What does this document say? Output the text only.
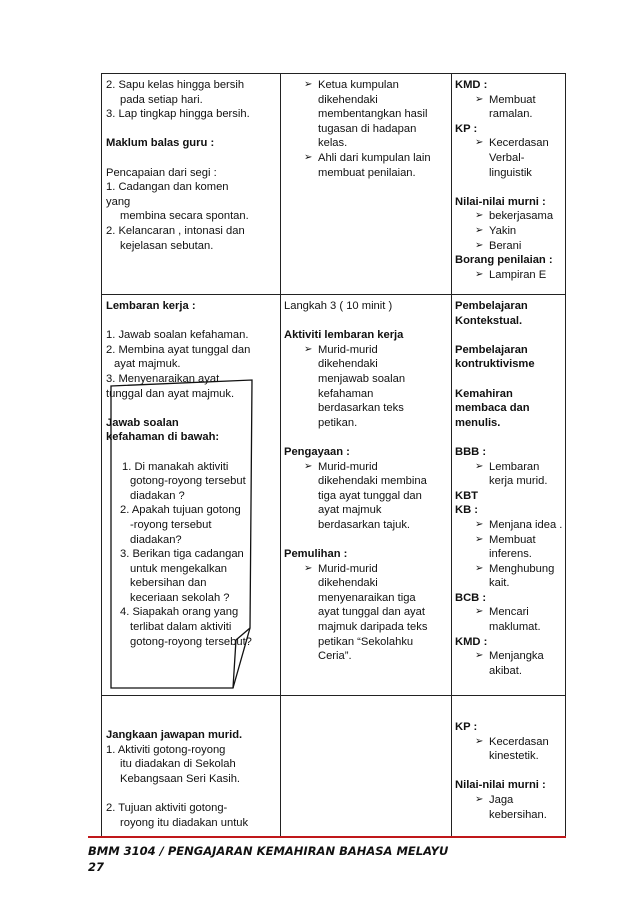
2. Sapu kelas hingga bersih

pada setiap hari.

3. Lap tingkap hingga bersih.

Maklum balas guru :

Pencapaian dari segi :

1. Cadangan dan komen

yang

membina secara spontan.

2. Kelancaran , intonasi dan

kejelasan sebutan.

➢ Ketua kumpulan

dikehendaki

membentangkan hasil

tugasan di hadapan

kelas.

➢ Ahli dari kumpulan lain

membuat penilaian.

KMD :

➢ Membuat

ramalan.

KP :

➢ Kecerdasan

Verbal-

linguistik

Nilai-nilai murni :

➢ bekerjasama

➢ Yakin

➢ Berani

Borang penilaian :

➢ Lampiran E

Lembaran kerja :

1. Jawab soalan kefahaman.

2. Membina ayat tunggal dan

ayat majmuk.

3. Menyenaraikan ayat

tunggal dan ayat majmuk.

Jawab soalan

kefahaman di bawah:

1. Di manakah aktiviti

gotong-royong tersebut

diadakan ?

2. Apakah tujuan gotong

-royong tersebut

diadakan?

3. Berikan tiga cadangan

untuk mengekalkan

kebersihan dan

keceriaan sekolah ?

4. Siapakah orang yang

terlibat dalam aktiviti

gotong-royong tersebut?

Langkah 3 ( 10 minit )

Aktiviti lembaran kerja

➢ Murid-murid

dikehendaki

menjawab soalan

kefahaman

berdasarkan teks

petikan.

Pengayaan :

➢ Murid-murid

dikehendaki membina

tiga ayat tunggal dan

ayat majmuk

berdasarkan tajuk.

Pemulihan :

➢ Murid-murid

dikehendaki

menyenaraikan tiga

ayat tunggal dan ayat

majmuk daripada teks

petikan “Sekolahku

Ceria”.

Pembelajaran

Kontekstual.

Pembelajaran

kontruktivisme

Kemahiran

membaca dan

menulis.

BBB :

➢ Lembaran

kerja murid.

KBT

KB :

➢ Menjana idea .

➢ Membuat

inferens.

➢ Menghubung

kait.

BCB :

➢ Mencari

maklumat.

KMD :

➢ Menjangka

akibat.

Jangkaan jawapan murid.

1. Aktiviti gotong-royong

itu diadakan di Sekolah

Kebangsaan Seri Kasih.

2. Tujuan aktiviti gotong-

royong itu diadakan untuk

KP :

➢ Kecerdasan

kinestetik.

Nilai-nilai murni :

➢ Jaga

kebersihan.

BMM 3104 / PENGAJARAN KEMAHIRAN BAHASA MELAYU
27
